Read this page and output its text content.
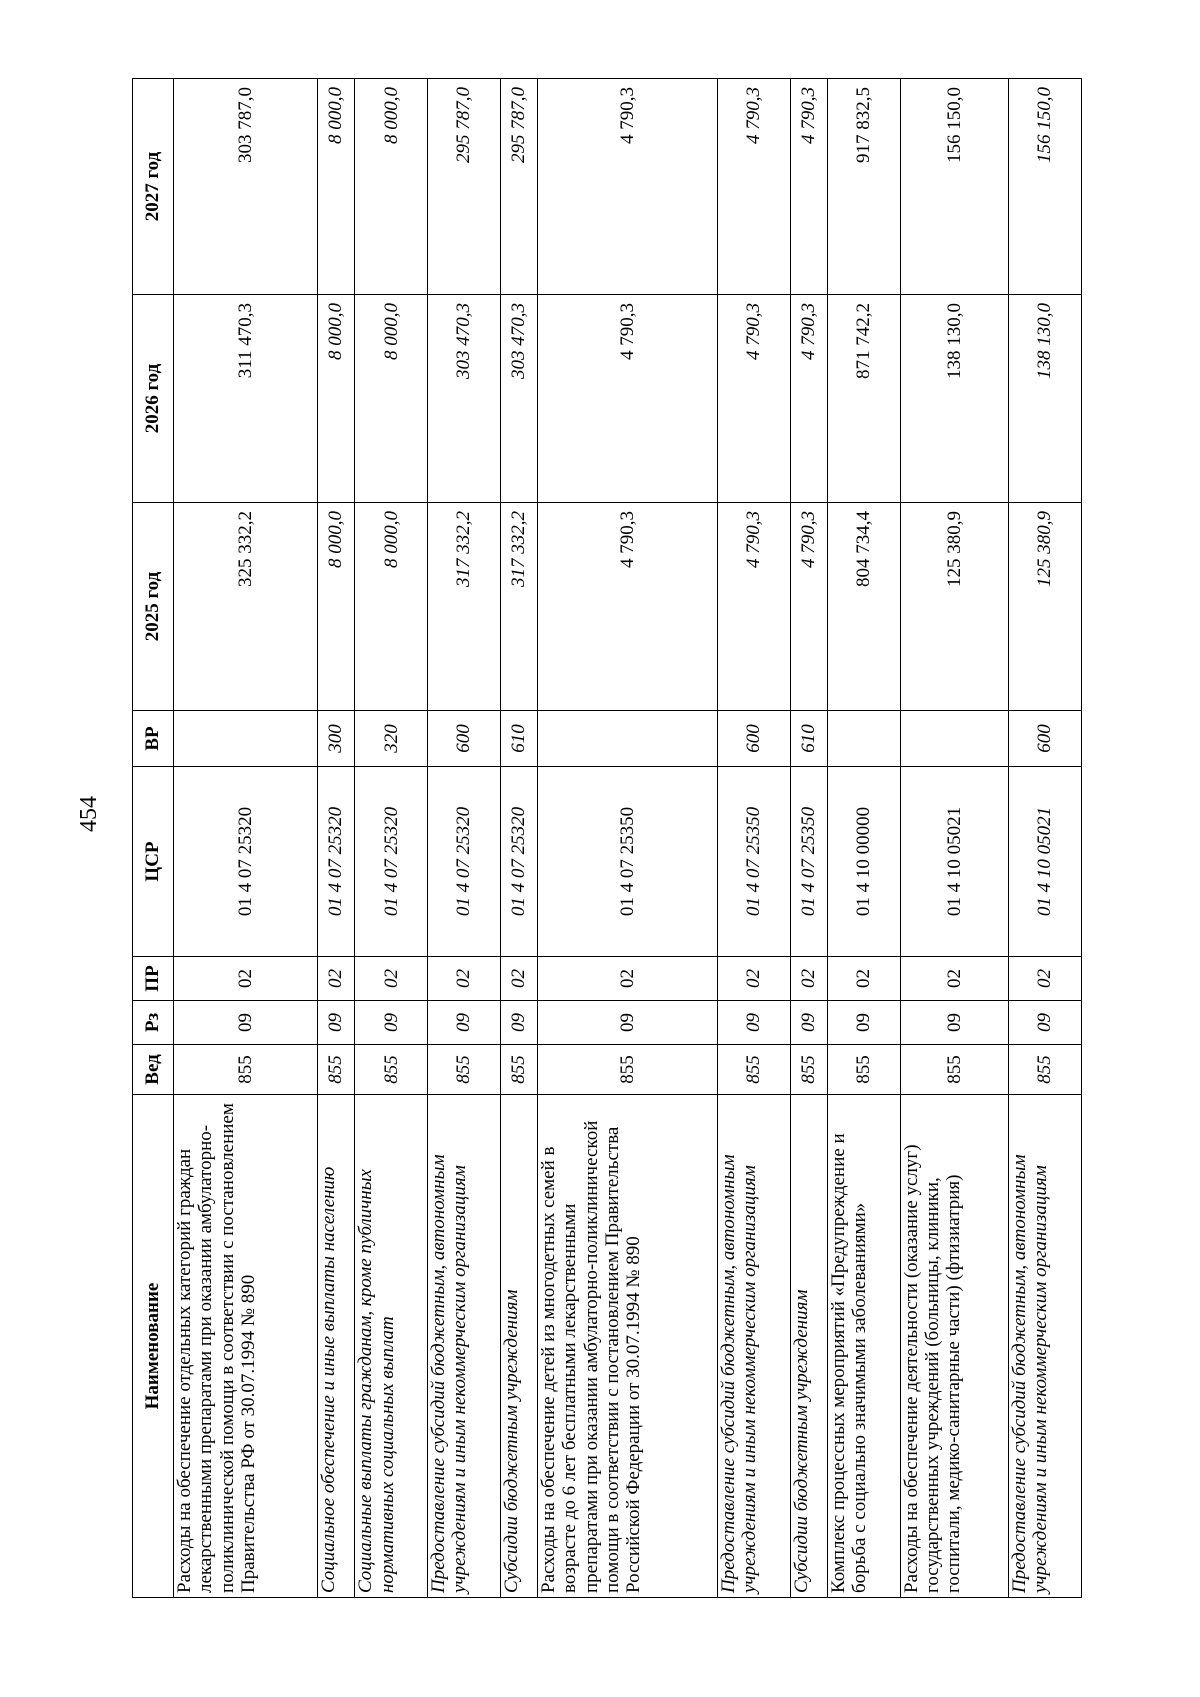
454
Наименование	Вед	Рз	ПР	ЦСР	ВР	2025 год	2026 год	2027 год
Расходы на обеспечение отдельных категорий граждан лекарственными препаратами при оказании амбулаторно-поликлинической помощи в соответствии с постановлением Правительства РФ от 30.07.1994 № 890	855	09	02	01 4 07 25320		325 332,2	311 470,3	303 787,0
Социальное обеспечение и иные выплаты населению	855	09	02	01 4 07 25320	300	8 000,0	8 000,0	8 000,0
Социальные выплаты гражданам, кроме публичных нормативных социальных выплат	855	09	02	01 4 07 25320	320	8 000,0	8 000,0	8 000,0
Предоставление субсидий бюджетным, автономным учреждениям и иным некоммерческим организациям	855	09	02	01 4 07 25320	600	317 332,2	303 470,3	295 787,0
Субсидии бюджетным учреждениям	855	09	02	01 4 07 25320	610	317 332,2	303 470,3	295 787,0
Расходы на обеспечение детей из многодетных семей в возрасте до 6 лет бесплатными лекарственными препаратами при оказании амбулаторно-поликлинической помощи в соответствии с постановлением Правительства Российской Федерации от 30.07.1994 № 890	855	09	02	01 4 07 25350		4 790,3	4 790,3	4 790,3
Предоставление субсидий бюджетным, автономным учреждениям и иным некоммерческим организациям	855	09	02	01 4 07 25350	600	4 790,3	4 790,3	4 790,3
Субсидии бюджетным учреждениям	855	09	02	01 4 07 25350	610	4 790,3	4 790,3	4 790,3
Комплекс процессных мероприятий «Предупреждение и борьба с социально значимыми заболеваниями»	855	09	02	01 4 10 00000		804 734,4	871 742,2	917 832,5
Расходы на обеспечение деятельности (оказание услуг) государственных учреждений (больницы, клиники, госпитали, медико-санитарные части) (фтизиатрия)	855	09	02	01 4 10 05021		125 380,9	138 130,0	156 150,0
Предоставление субсидий бюджетным, автономным учреждениям и иным некоммерческим организациям	855	09	02	01 4 10 05021	600	125 380,9	138 130,0	156 150,0
